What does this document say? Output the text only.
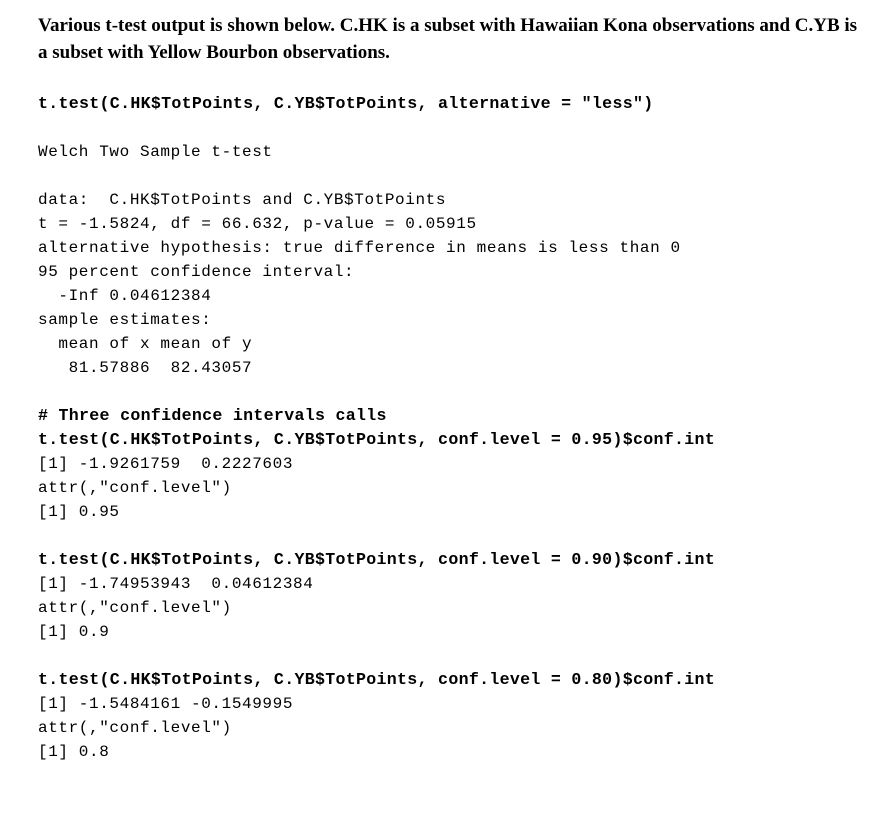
Various t-test output is shown below. C.HK is a subset with Hawaiian Kona observations and C.YB is a subset with Yellow Bourbon observations.

t.test(C.HK$TotPoints, C.YB$TotPoints, alternative = "less")
Welch Two Sample t-test
data:  C.HK$TotPoints and C.YB$TotPoints
t = -1.5824, df = 66.632, p-value = 0.05915
alternative hypothesis: true difference in means is less than 0
95 percent confidence interval:
-Inf 0.04612384
sample estimates:
mean of x mean of y
81.57886  82.43057
# Three confidence intervals calls
t.test(C.HK$TotPoints, C.YB$TotPoints, conf.level = 0.95)$conf.int
[1] -1.9261759  0.2227603
attr(,"conf.level")
[1] 0.95
t.test(C.HK$TotPoints, C.YB$TotPoints, conf.level = 0.90)$conf.int
[1] -1.74953943  0.04612384
attr(,"conf.level")
[1] 0.9
t.test(C.HK$TotPoints, C.YB$TotPoints, conf.level = 0.80)$conf.int
[1] -1.5484161 -0.1549995
attr(,"conf.level")
[1] 0.8
